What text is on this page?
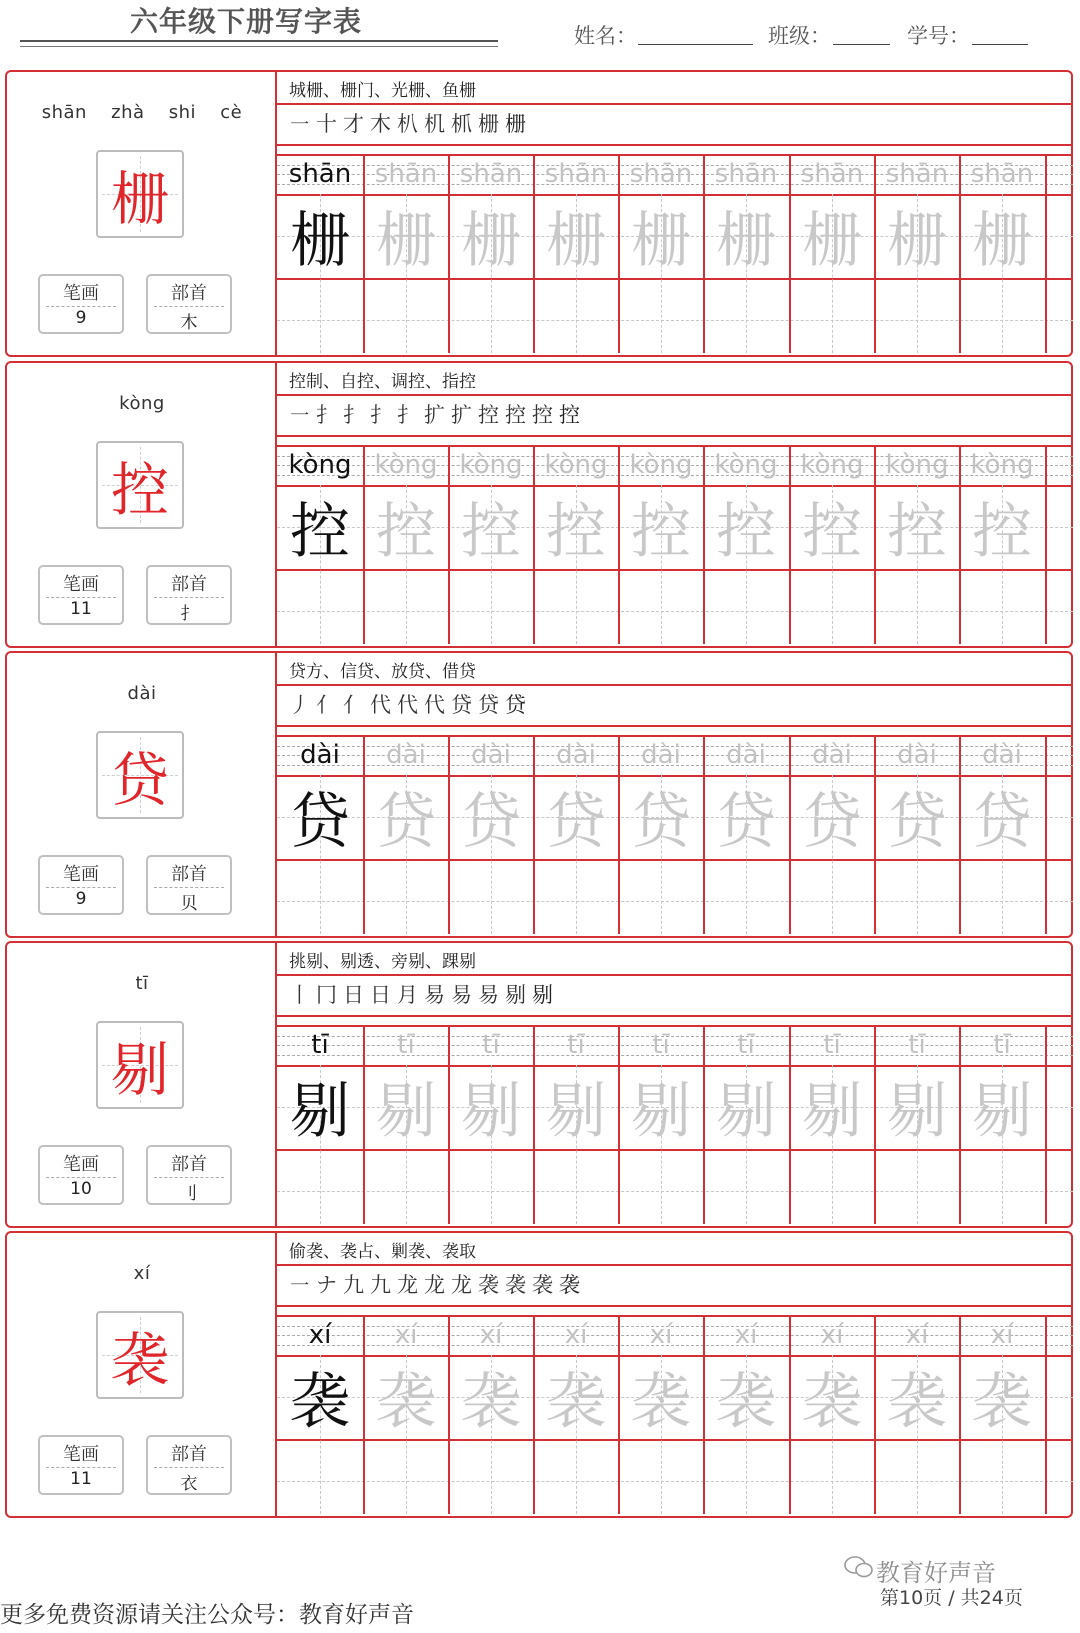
六年级下册写字表	姓名：	班级：	学号：
shān zhà shi cè
栅
笔画
9
部首
木
城栅、栅门、光栅、鱼栅
㇐ 十 才 木 朳 机 枛 栅 栅
shān shān shān shān shān shān shān shān shān
栅 栅 栅 栅 栅 栅 栅 栅 栅
kòng
控
笔画
11
部首
扌
控制、自控、调控、指控
㇐ 扌 扌 扌 扌 扩 扩 控 控 控 控
kòng kòng kòng kòng kòng kòng kòng kòng kòng
控 控 控 控 控 控 控 控 控
dài
贷
笔画
9
部首
贝
贷方、信贷、放贷、借贷
丿 亻 亻 代 代 代 贷 贷 贷
dài	dài	dài	dài	dài	dài	dài	dài	dài
贷 贷 贷 贷 贷 贷 贷 贷 贷
tī
剔
笔画
10
部首
刂
挑剔、剔透、旁剔、踝剔
丨 冂 日 日 月 易 易 易 剔 剔
tī	tī	tī	tī	tī	tī	tī	tī	tī
剔 剔 剔 剔 剔 剔 剔 剔 剔
xí
袭
笔画
11
部首
衣
偷袭、袭占、剿袭、袭取
㇐ ナ 九 九 龙 龙 龙 袭 袭 袭 袭
xí	xí	xí	xí	xí	xí	xí	xí	xí
袭 袭 袭 袭 袭 袭 袭 袭 袭
更多免费资源请关注公众号：教育好声音
教育好声音
第10页 / 共24页
